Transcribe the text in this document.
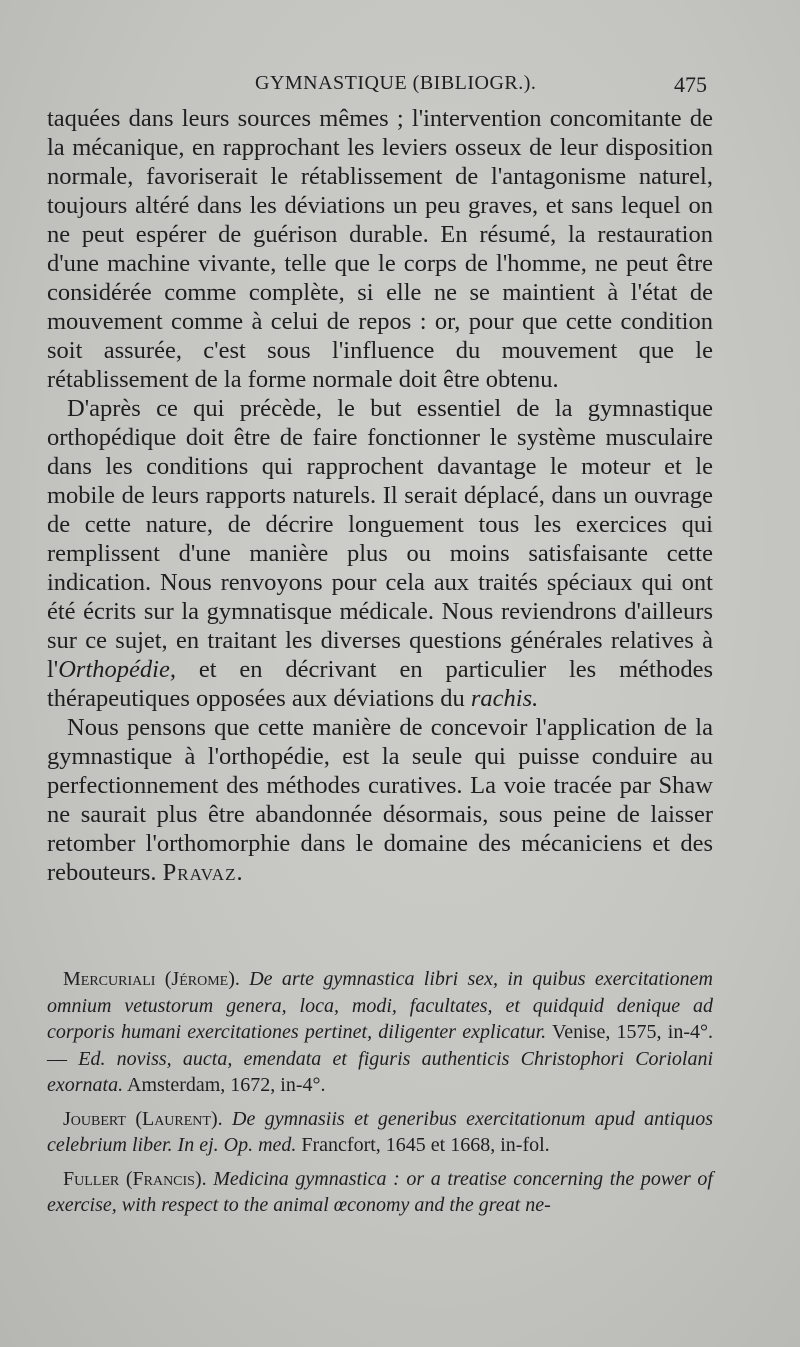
GYMNASTIQUE (BIBLIOGR.).	475

taquées dans leurs sources mêmes ; l'intervention concomitante de la mécanique, en rapprochant les leviers osseux de leur disposition normale, favoriserait le rétablissement de l'antagonisme naturel, toujours altéré dans les déviations un peu graves, et sans lequel on ne peut espérer de guérison durable. En résumé, la restauration d'une machine vivante, telle que le corps de l'homme, ne peut être considérée comme complète, si elle ne se maintient à l'état de mouvement comme à celui de repos : or, pour que cette condition soit assurée, c'est sous l'influence du mouvement que le rétablissement de la forme normale doit être obtenu.

D'après ce qui précède, le but essentiel de la gymnastique orthopédique doit être de faire fonctionner le système musculaire dans les conditions qui rapprochent davantage le moteur et le mobile de leurs rapports naturels. Il serait déplacé, dans un ouvrage de cette nature, de décrire longuement tous les exercices qui remplissent d'une manière plus ou moins satisfaisante cette indication. Nous renvoyons pour cela aux traités spéciaux qui ont été écrits sur la gymnatisque médicale. Nous reviendrons d'ailleurs sur ce sujet, en traitant les diverses questions générales relatives à l'Orthopédie, et en décrivant en particulier les méthodes thérapeutiques opposées aux déviations du rachis.

Nous pensons que cette manière de concevoir l'application de la gymnastique à l'orthopédie, est la seule qui puisse conduire au perfectionnement des méthodes curatives. La voie tracée par Shaw ne saurait plus être abandonnée désormais, sous peine de laisser retomber l'orthomorphie dans le domaine des mécaniciens et des rebouteurs. Pravaz.

Mercuriali (Jérome). De arte gymnastica libri sex, in quibus exercitationem omnium vetustorum genera, loca, modi, facultates, et quidquid denique ad corporis humani exercitationes pertinet, diligenter explicatur. Venise, 1575, in-4°. — Ed. noviss, aucta, emendata et figuris authenticis Christophori Coriolani exornata. Amsterdam, 1672, in-4°.

Joubert (Laurent). De gymnasiis et generibus exercitationum apud antiquos celebrium liber. In ej. Op. med. Francfort, 1645 et 1668, in-fol.

Fuller (Francis). Medicina gymnastica : or a treatise concerning the power of exercise, with respect to the animal œconomy and the great ne-
